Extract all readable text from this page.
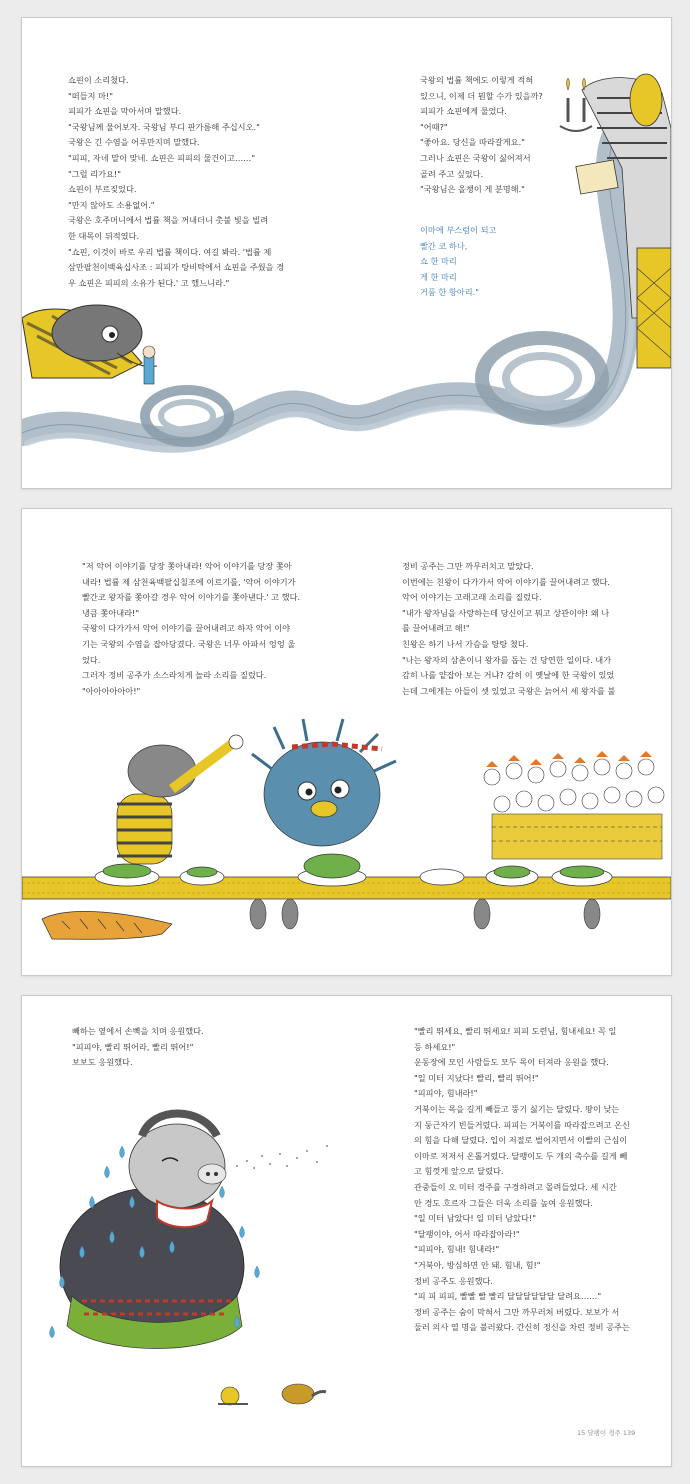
쇼핀이 소리쳤다.

"떠들지 마!"

피피가 쇼핀을 막아서며 말했다.

"국왕님께 물어보자. 국왕님 부디 판가름해 주십시오."

국왕은 긴 수염을 어루만지며 말했다.

"피피, 자네 말이 맞네. 쇼핀은 피피의 물건이고……"

"그럴 리가요!"

쇼핀이 부르짖었다.

"만지 않아도 소용없어."

국왕은 호주머니에서 법률 책을 꺼내더니 촛불 빛을 빌려

한 대목이 뒤적였다.

"쇼핀, 이것이 바로 우리 법률 책이다. 여길 봐라. '법률 제

삼만팔천이백육십사조 : 피피가 탕비탁에서 쇼핀을 주웠을 경

우 쇼핀은 피피의 소유가 된다.' 고 했느니라."

국왕의 법률 책에도 이렇게 적혀

있으니, 이제 더 뭔할 수가 있을까?

피피가 쇼핀에게 물었다.

"어때?"

"좋아요. 당신을 따라갈게요."

그러나 쇼핀은 국왕이 싫어져서

골려 주고 싶었다.

"국왕님은 올챙이 게 분명해."

이마에 부스럼이 되고

빨간 코 하나,

쇼 한 마리

게 한 마리

거품 한 항아리."

"저 악어 이야기를 당장 쫓아내라! 악어 이야기를 당장 쫓아

내라! 법률 제 삼천육백팔십칠조에 이르기를, '악어 이야기가

빨간코 왕자를 쫓아갈 경우 악어 이야기를 쫓아낸다.' 고 했다.

냉큼 쫓아내라!"

국왕이 다가가서 악어 이야기를 끌어내려고 하자 악어 이야

기는 국왕의 수염을 잡아당겼다. 국왕은 너무 아파서 엉엉 울

었다.

그러자 정비 공주가 소스라치게 놀라 소리를 질렀다.

"아아아아아아!"

정비 공주는 그만 까무러치고 말았다.

이번에는 친왕이 다가가서 악어 이야기를 끌어내려고 했다.

악어 이야기는 고래고래 소리를 질렀다.

"내가 왕자님을 사랑하는데 당신이고 뭐고 상관이야! 왜 나

를 끌어내려고 해!"

친왕은 하기 나서 가슴을 탕탕 쳤다.

"나는 왕자의 삼촌이니 왕자를 돕는 건 당연한 일이다. 내가

감히 나를 얕잡아 보는 거냐? 감히 이 옛날에 한 국왕이 있었

는데 그에게는 아들이 셋 있었고 국왕은 늙어서 세 왕자를 불

빼하는 옆에서 손뼉을 치며 응원했다.

"피피야, 빨리 뛰어라, 빨리 뛰어!"

보보도 응원했다.

"빨리 뛰세요, 빨리 뛰세요! 피피 도련님, 힘내세요! 꼭 일

등 하세요!"

운동장에 모인 사람들도 모두 목이 터져라 응원을 했다.

"일 미터 지났다! 빨리, 빨리 뛰어!"

"피피야, 힘내라!"

거북이는 목을 길게 빼들고 뚱기 싫기는 달렸다. 땅이 낮는

지 둥근자기 빈들거렸다. 피피는 거북이를 따라잡으려고 온신

의 힘을 다해 달렸다. 입이 저절로 벌어지면서 이빨의 근심이

이마로 저저서 온톨거렸다. 달팽이도 두 개의 촉수를 길게 빼

고 힘껏게 앞으로 달렸다.

관중들이 오 미터 경주를 구경하려고 몰려들었다. 세 시간

안 경도 흐르자 그들은 더욱 소리를 높여 응원했다.

"일 미터 남았다! 일 미터 남았다!"

"달팽이야, 어서 따라잡아라!"

"피피야, 힘내! 힘내라!"

"거북아, 방심하면 안 돼. 힘내, 힘!"

정비 공주도 응원했다.

"피 피 피피, 빨빨 빨 빨리 달달달달달달 달려요……"

정비 공주는 숨이 막혀서 그만 까무러쳐 버렸다. 보보가 서

둘러 의사 열 명을 불러왔다. 간신히 정신을 차린 정비 공주는

15 달팽이 경주 139
